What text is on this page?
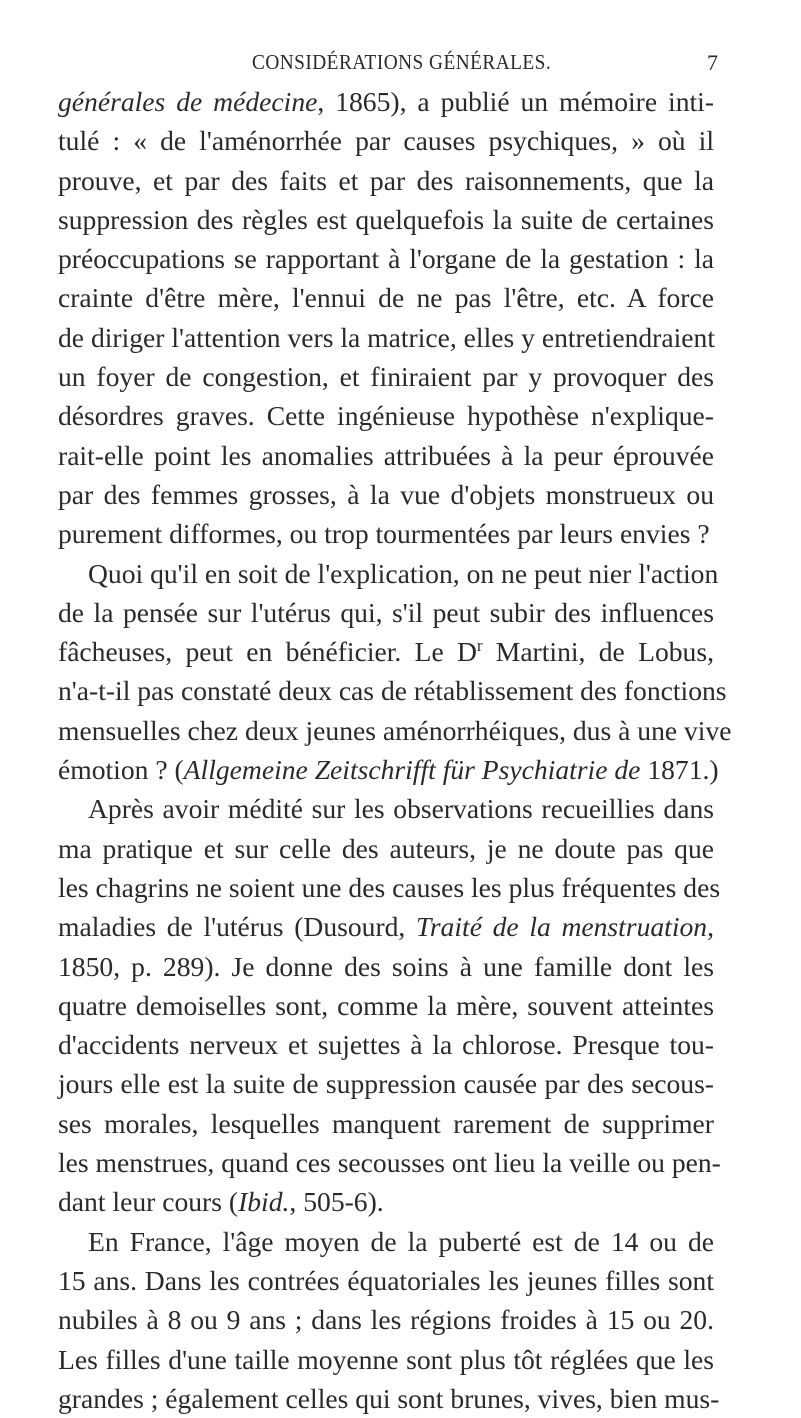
CONSIDÉRATIONS GÉNÉRALES.	7
générales de médecine, 1865), a publié un mémoire inti-
tulé : « de l'aménorrhée par causes psychiques, » où il
prouve, et par des faits et par des raisonnements, que la
suppression des règles est quelquefois la suite de certaines
préoccupations se rapportant à l'organe de la gestation : la
crainte d'être mère, l'ennui de ne pas l'être, etc. A force
de diriger l'attention vers la matrice, elles y entretiendraient
un foyer de congestion, et finiraient par y provoquer des
désordres graves. Cette ingénieuse hypothèse n'explique-
rait-elle point les anomalies attribuées à la peur éprouvée
par des femmes grosses, à la vue d'objets monstrueux ou
purement difformes, ou trop tourmentées par leurs envies ?
Quoi qu'il en soit de l'explication, on ne peut nier l'action
de la pensée sur l'utérus qui, s'il peut subir des influences
fâcheuses, peut en bénéficier. Le $D^r$ Martini, de Lobus,
n'a-t-il pas constaté deux cas de rétablissement des fonctions
mensuelles chez deux jeunes aménorrhéiques, dus à une vive
émotion ? (Allgemeine Zeitschrifft für Psychiatrie de 1871.)
Après avoir médité sur les observations recueillies dans
ma pratique et sur celle des auteurs, je ne doute pas que
les chagrins ne soient une des causes les plus fréquentes des
maladies de l'utérus (Dusourd, Traité de la menstruation,
1850, p. 289). Je donne des soins à une famille dont les
quatre demoiselles sont, comme la mère, souvent atteintes
d'accidents nerveux et sujettes à la chlorose. Presque tou-
jours elle est la suite de suppression causée par des secous-
ses morales, lesquelles manquent rarement de supprimer
les menstrues, quand ces secousses ont lieu la veille ou pen-
dant leur cours (Ibid., 505-6).
En France, l'âge moyen de la puberté est de 14 ou de
15 ans. Dans les contrées équatoriales les jeunes filles sont
nubiles à 8 ou 9 ans ; dans les régions froides à 15 ou 20.
Les filles d'une taille moyenne sont plus tôt réglées que les
grandes ; également celles qui sont brunes, vives, bien mus-
